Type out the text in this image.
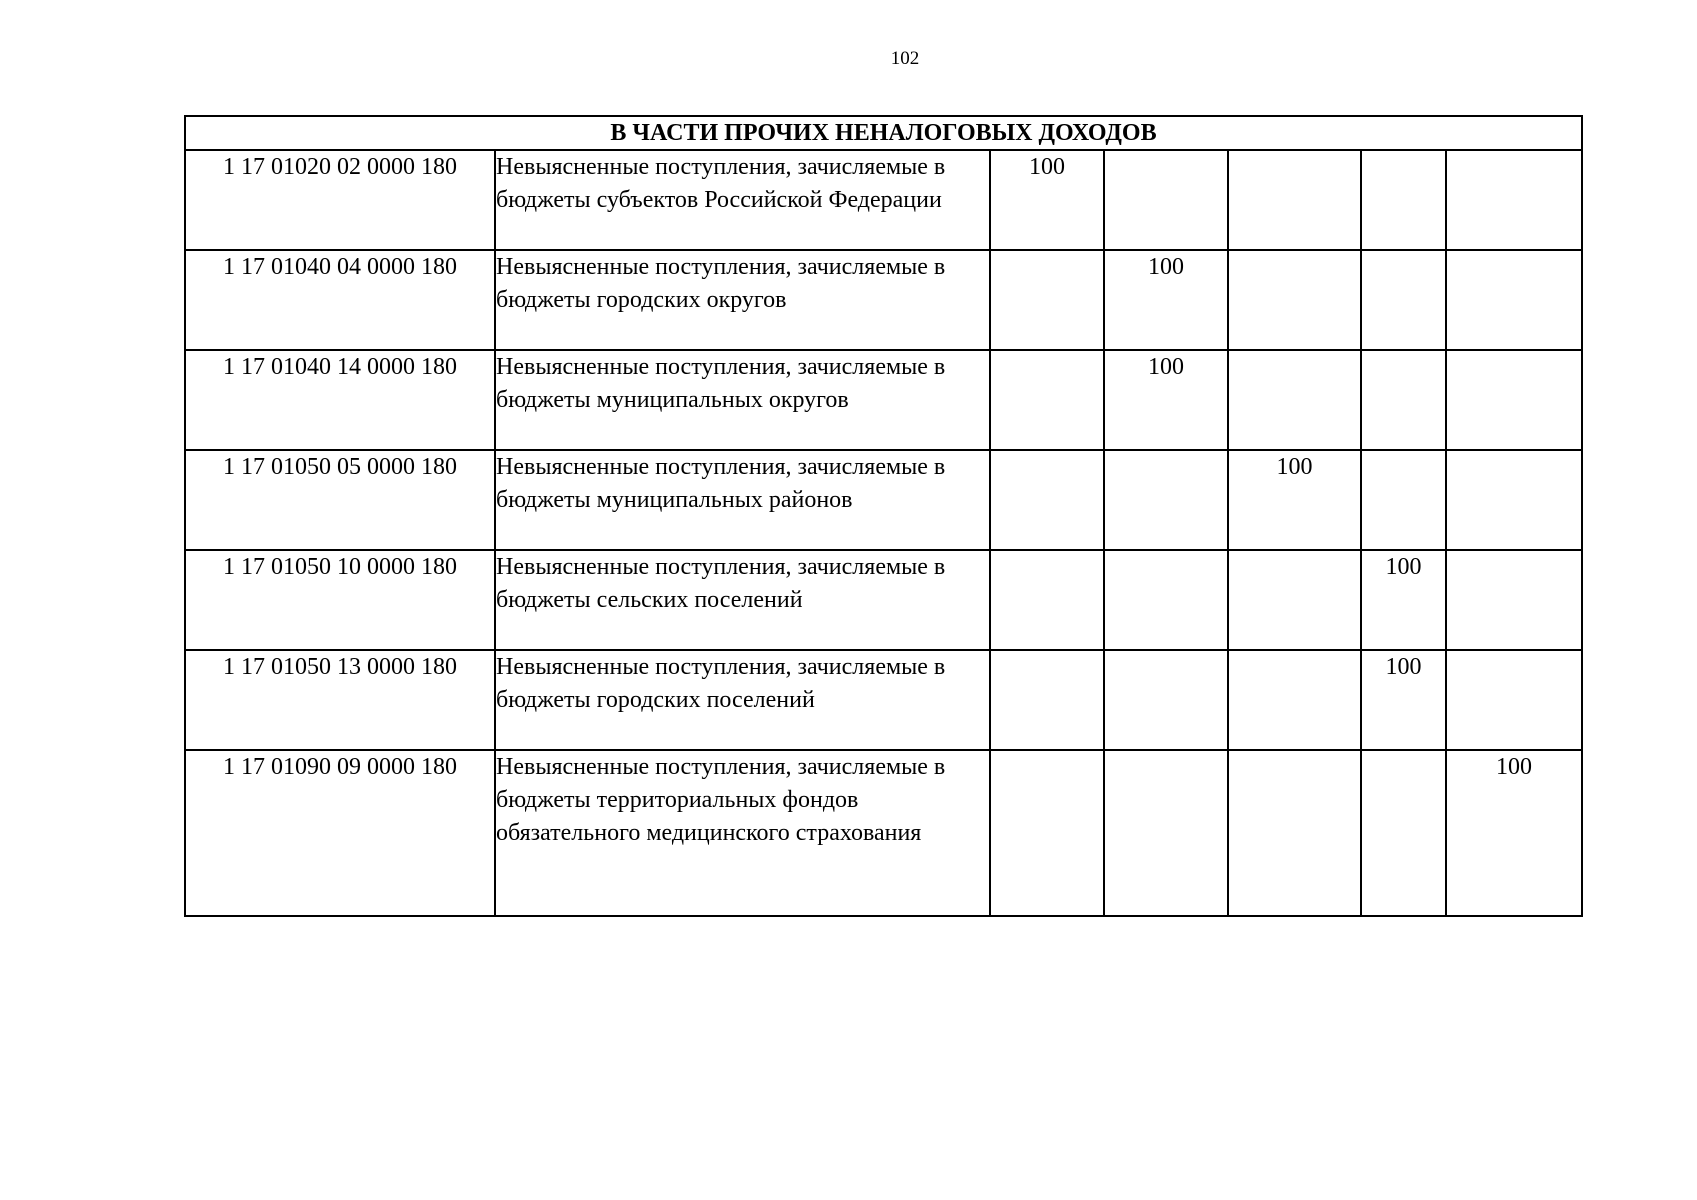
102
В ЧАСТИ ПРОЧИХ НЕНАЛОГОВЫХ ДОХОДОВ						
1 17 01020 02 0000 180	Невыясненные поступления, зачисляемые в бюджеты субъектов Российской Федерации	100				
1 17 01040 04 0000 180	Невыясненные поступления, зачисляемые в бюджеты городских округов		100			
1 17 01040 14 0000 180	Невыясненные поступления, зачисляемые в бюджеты муниципальных округов		100			
1 17 01050 05 0000 180	Невыясненные поступления, зачисляемые в бюджеты муниципальных районов			100		
1 17 01050 10 0000 180	Невыясненные поступления, зачисляемые в бюджеты сельских поселений				100	
1 17 01050 13 0000 180	Невыясненные поступления, зачисляемые в бюджеты городских поселений				100	
1 17 01090 09 0000 180	Невыясненные поступления, зачисляемые в бюджеты территориальных фондов обязательного медицинского страхования					100
